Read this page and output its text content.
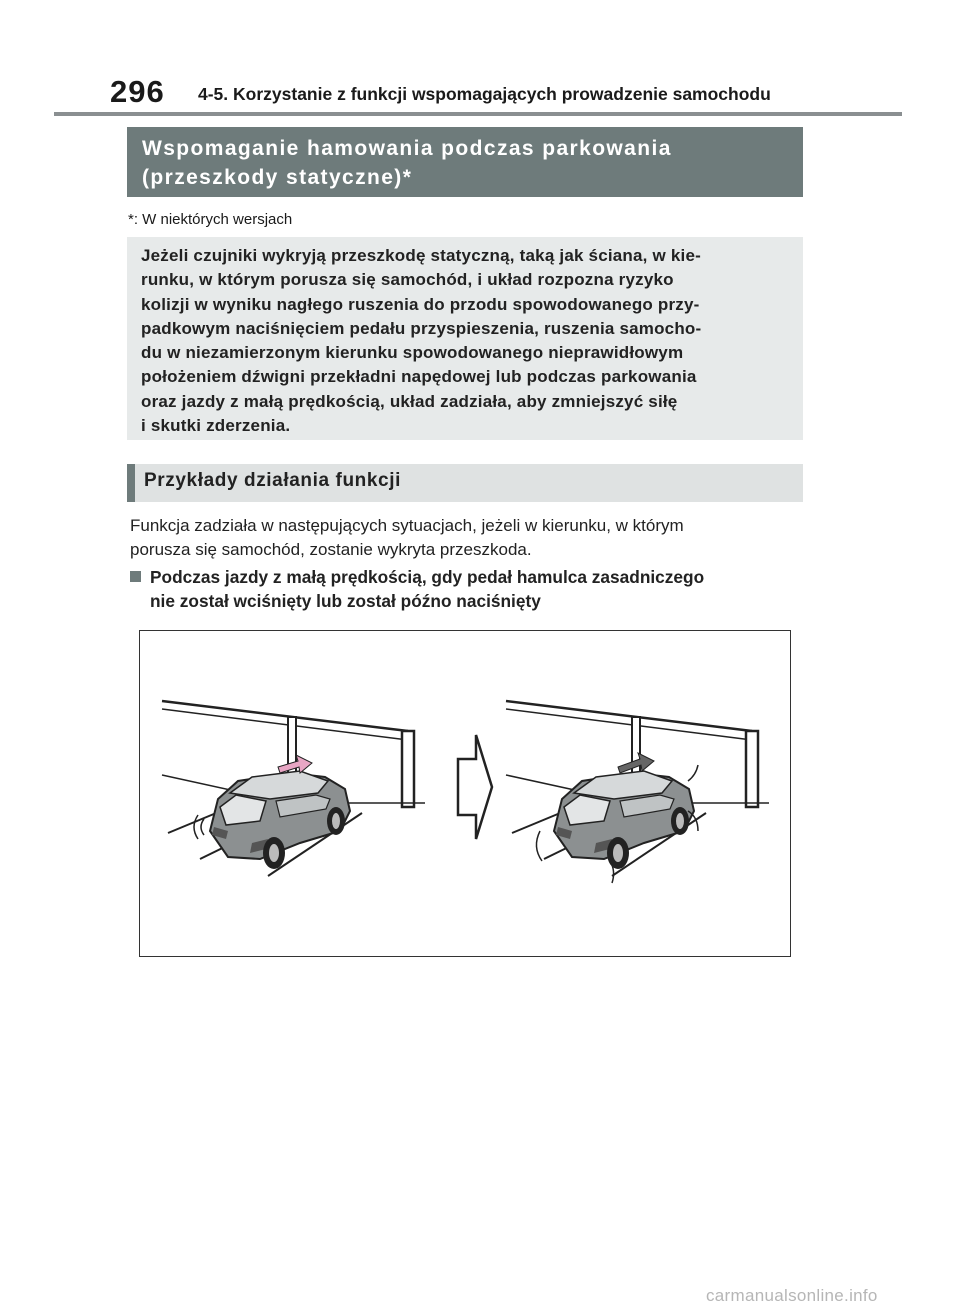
296 4-5. Korzystanie z funkcji wspomagających prowadzenie samochodu
Wspomaganie hamowania podczas parkowania
(przeszkody statyczne)*
*: W niektórych wersjach

Jeżeli czujniki wykryją przeszkodę statyczną, taką jak ściana, w kie-
runku, w którym porusza się samochód, i układ rozpozna ryzyko
kolizji w wyniku nagłego ruszenia do przodu spowodowanego przy-
padkowym naciśnięciem pedału przyspieszenia, ruszenia samocho-
du w niezamierzonym kierunku spowodowanego nieprawidłowym
położeniem dźwigni przekładni napędowej lub podczas parkowania
oraz jazdy z małą prędkością, układ zadziała, aby zmniejszyć siłę
i skutki zderzenia.

Przykłady działania funkcji

Funkcja zadziała w następujących sytuacjach, jeżeli w kierunku, w którym
porusza się samochód, zostanie wykryta przeszkoda.

Podczas jazdy z małą prędkością, gdy pedał hamulca zasadniczego
nie został wciśnięty lub został późno naciśnięty

carmanualsonline.info
